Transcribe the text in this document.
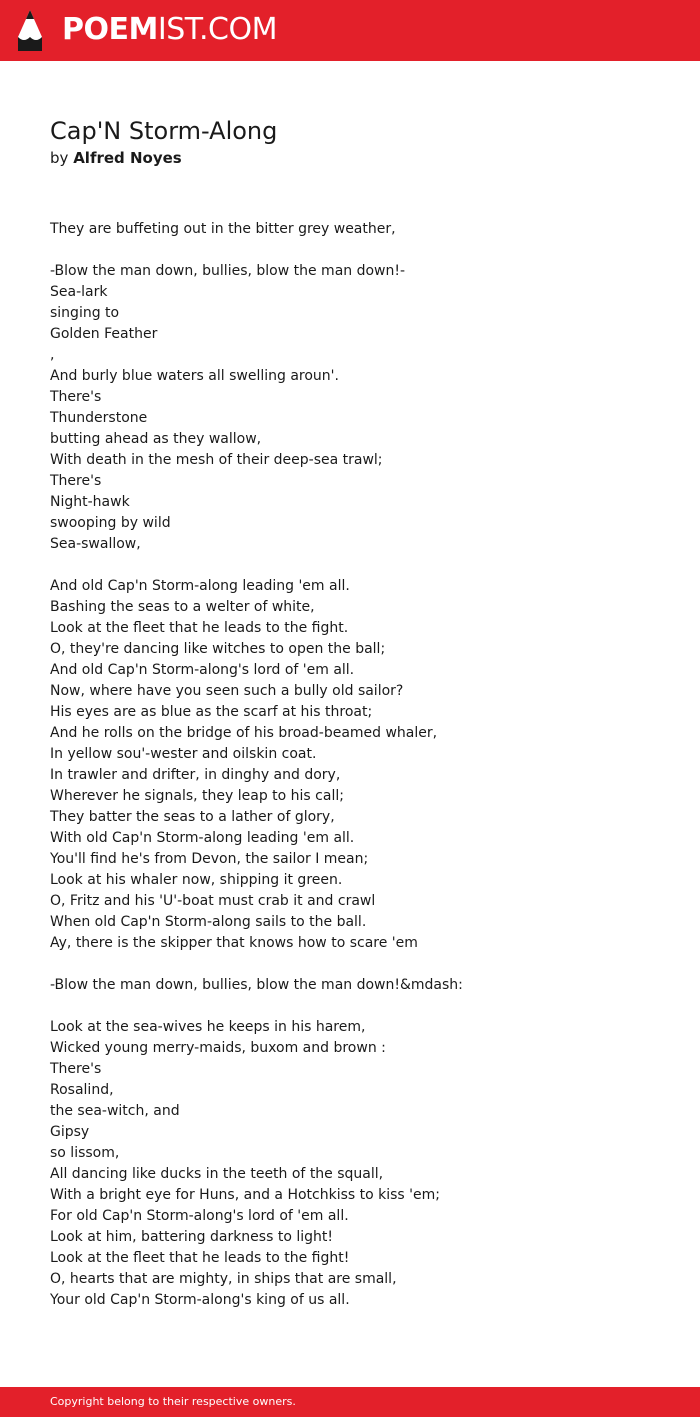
POEMIST.COM
Cap'N Storm-Along
by Alfred Noyes
They are buffeting out in the bitter grey weather,
-Blow the man down, bullies, blow the man down!-
Sea-lark
singing to
Golden Feather
,
And burly blue waters all swelling aroun'.
There's
Thunderstone
butting ahead as they wallow,
With death in the mesh of their deep-sea trawl;
There's
Night-hawk
swooping by wild
Sea-swallow,
And old Cap'n Storm-along leading 'em all.
Bashing the seas to a welter of white,
Look at the fleet that he leads to the fight.
O, they're dancing like witches to open the ball;
And old Cap'n Storm-along's lord of 'em all.
Now, where have you seen such a bully old sailor?
His eyes are as blue as the scarf at his throat;
And he rolls on the bridge of his broad-beamed whaler,
In yellow sou'-wester and oilskin coat.
In trawler and drifter, in dinghy and dory,
Wherever he signals, they leap to his call;
They batter the seas to a lather of glory,
With old Cap'n Storm-along leading 'em all.
You'll find he's from Devon, the sailor I mean;
Look at his whaler now, shipping it green.
O, Fritz and his 'U'-boat must crab it and crawl
When old Cap'n Storm-along sails to the ball.
Ay, there is the skipper that knows how to scare 'em
-Blow the man down, bullies, blow the man down!&mdash:
Look at the sea-wives he keeps in his harem,
Wicked young merry-maids, buxom and brown :
There's
Rosalind,
the sea-witch, and
Gipsy
so lissom,
All dancing like ducks in the teeth of the squall,
With a bright eye for Huns, and a Hotchkiss to kiss 'em;
For old Cap'n Storm-along's lord of 'em all.
Look at him, battering darkness to light!
Look at the fleet that he leads to the fight!
O, hearts that are mighty, in ships that are small,
Your old Cap'n Storm-along's king of us all.
Copyright belong to their respective owners.
